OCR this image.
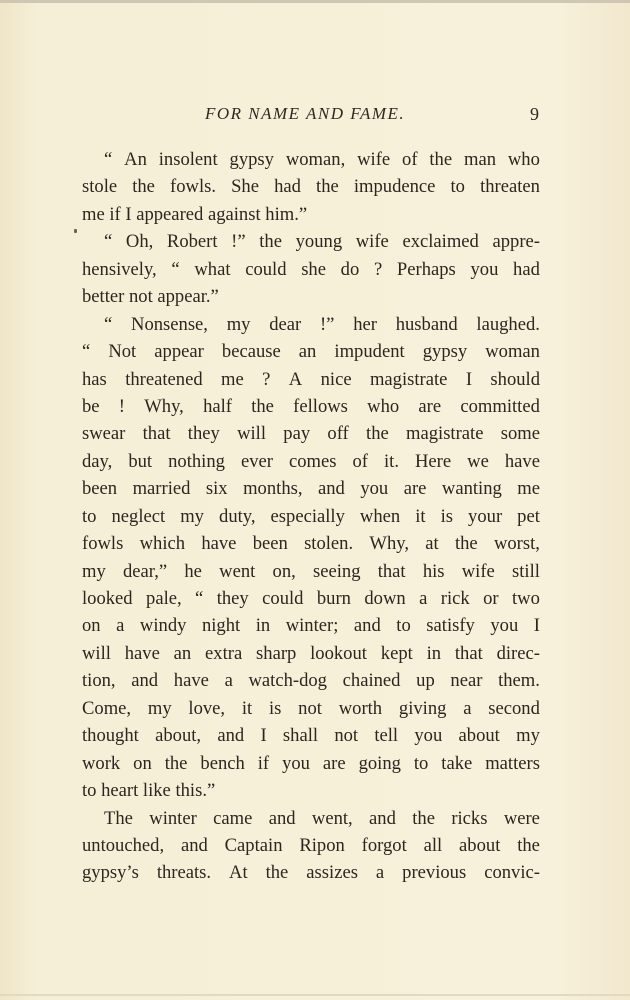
FOR NAME AND FAME.	9
“ An insolent gypsy woman, wife of the man who
stole the fowls. She had the impudence to threaten
me if I appeared against him.”
“ Oh, Robert !” the young wife exclaimed appre-
hensively, “ what could she do ? Perhaps you had
better not appear.”
“ Nonsense, my dear !” her husband laughed.
“ Not appear because an impudent gypsy woman
has threatened me ? A nice magistrate I should
be ! Why, half the fellows who are committed
swear that they will pay off the magistrate some
day, but nothing ever comes of it. Here we have
been married six months, and you are wanting me
to neglect my duty, especially when it is your pet
fowls which have been stolen. Why, at the worst,
my dear,” he went on, seeing that his wife still
looked pale, “ they could burn down a rick or two
on a windy night in winter; and to satisfy you I
will have an extra sharp lookout kept in that direc-
tion, and have a watch-dog chained up near them.
Come, my love, it is not worth giving a second
thought about, and I shall not tell you about my
work on the bench if you are going to take matters
to heart like this.”
The winter came and went, and the ricks were
untouched, and Captain Ripon forgot all about the
gypsy’s threats. At the assizes a previous convic-
